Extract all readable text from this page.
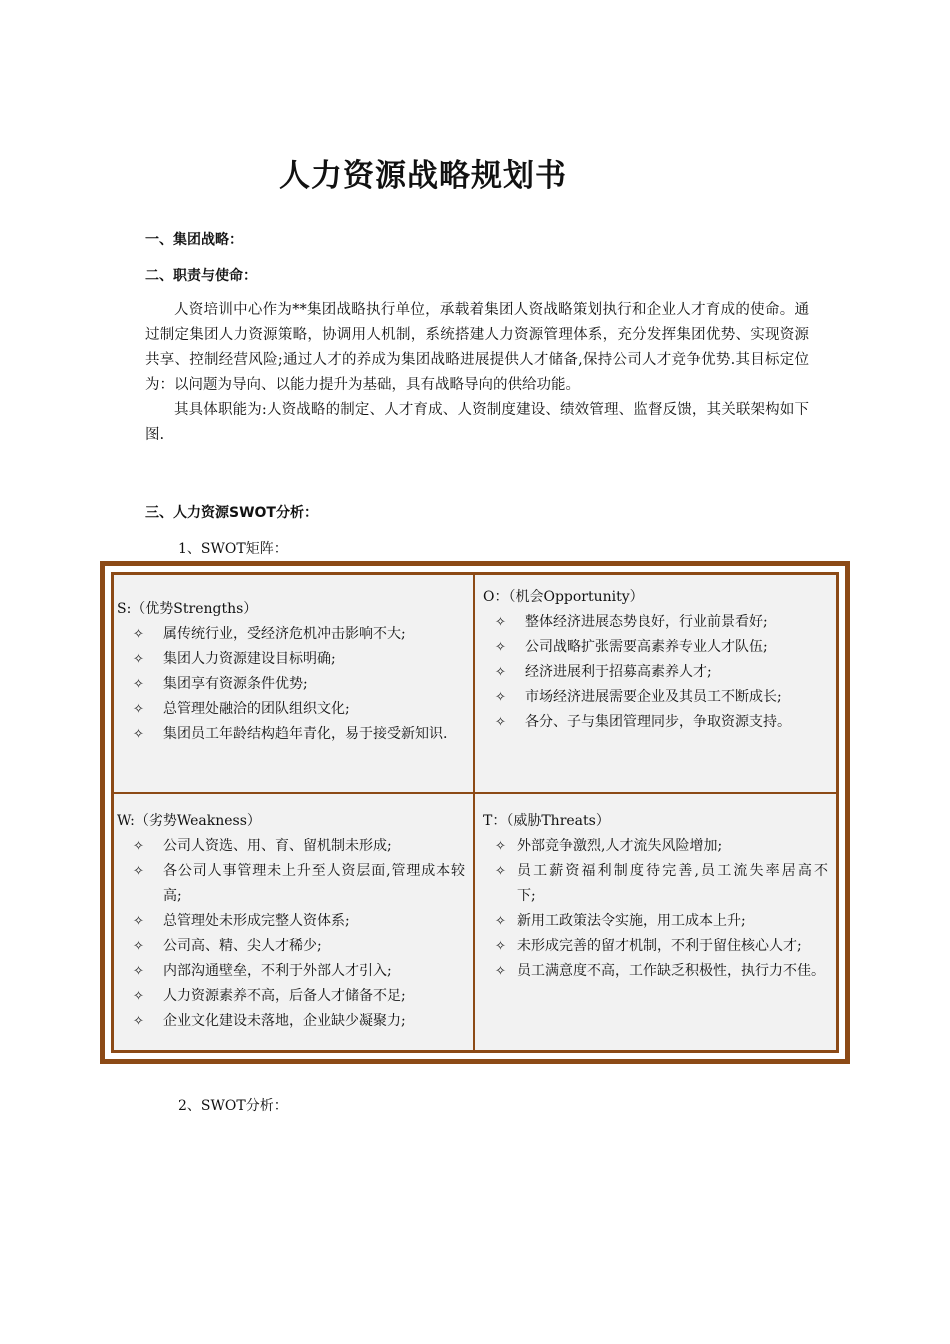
人力资源战略规划书
一、集团战略：
二、职责与使命：

人资培训中心作为**集团战略执行单位，承载着集团人资战略策划执行和企业人才育成的使命。通过制定集团人力资源策略，协调用人机制，系统搭建人力资源管理体系，充分发挥集团优势、实现资源共享、控制经营风险;通过人才的养成为集团战略进展提供人才储备,保持公司人才竞争优势.其目标定位为：以问题为导向、以能力提升为基础，具有战略导向的供给功能。

其具体职能为:人资战略的制定、人才育成、人资制度建设、绩效管理、监督反馈，其关联架构如下图.

三、人力资源SWOT分析：
1、SWOT矩阵：
S:（优势Strengths）
✧ 属传统行业，受经济危机冲击影响不大;
✧ 集团人力资源建设目标明确;
✧ 集团享有资源条件优势;
✧ 总管理处融洽的团队组织文化;
✧ 集团员工年龄结构趋年青化，易于接受新知识.
O：（机会Opportunity）
✧ 整体经济进展态势良好，行业前景看好;
✧ 公司战略扩张需要高素养专业人才队伍;
✧ 经济进展利于招募高素养人才;
✧ 市场经济进展需要企业及其员工不断成长;
✧ 各分、子与集团管理同步，争取资源支持。
W:（劣势Weakness）
✧ 公司人资选、用、育、留机制未形成;
✧ 各公司人事管理未上升至人资层面,管理成本较高;
✧ 总管理处未形成完整人资体系;
✧ 公司高、精、尖人才稀少;
✧ 内部沟通壁垒，不利于外部人才引入;
✧ 人力资源素养不高，后备人才储备不足;
✧ 企业文化建设未落地，企业缺少凝聚力;
T：（威胁Threats）
✧ 外部竞争激烈,人才流失风险增加;
✧ 员工薪资福利制度待完善,员工流失率居高不　　下;
✧ 新用工政策法令实施，用工成本上升;
✧ 未形成完善的留才机制，不利于留住核心人才;
✧ 员工满意度不高，工作缺乏积极性，执行力不佳。
2、SWOT分析：
